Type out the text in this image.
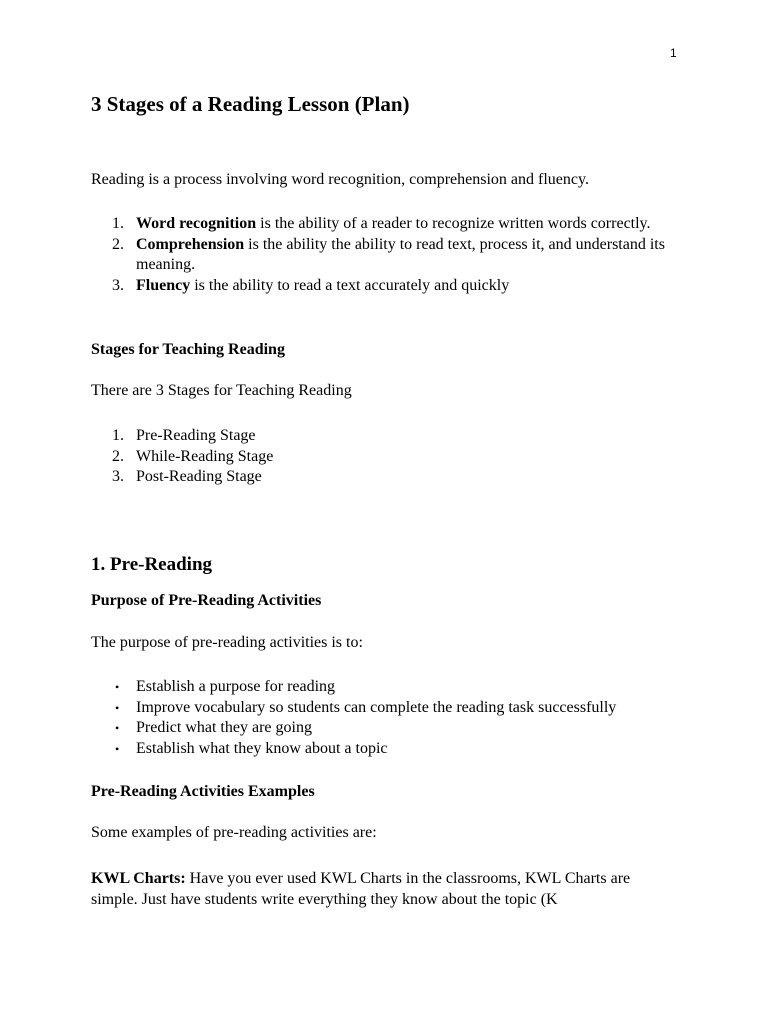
1
3 Stages of a Reading Lesson (Plan)
Reading is a process involving word recognition, comprehension and fluency.
1. Word recognition is the ability of a reader to recognize written words correctly.
2. Comprehension is the ability the ability to read text, process it, and understand its meaning.
3. Fluency is the ability to read a text accurately and quickly
Stages for Teaching Reading
There are 3 Stages for Teaching Reading
1. Pre-Reading Stage
2. While-Reading Stage
3. Post-Reading Stage
1. Pre-Reading
Purpose of Pre-Reading Activities
The purpose of pre-reading activities is to:
• Establish a purpose for reading
• Improve vocabulary so students can complete the reading task successfully
• Predict what they are going
• Establish what they know about a topic
Pre-Reading Activities Examples
Some examples of pre-reading activities are:
KWL Charts: Have you ever used KWL Charts in the classrooms, KWL Charts are simple. Just have students write everything they know about the topic (K
